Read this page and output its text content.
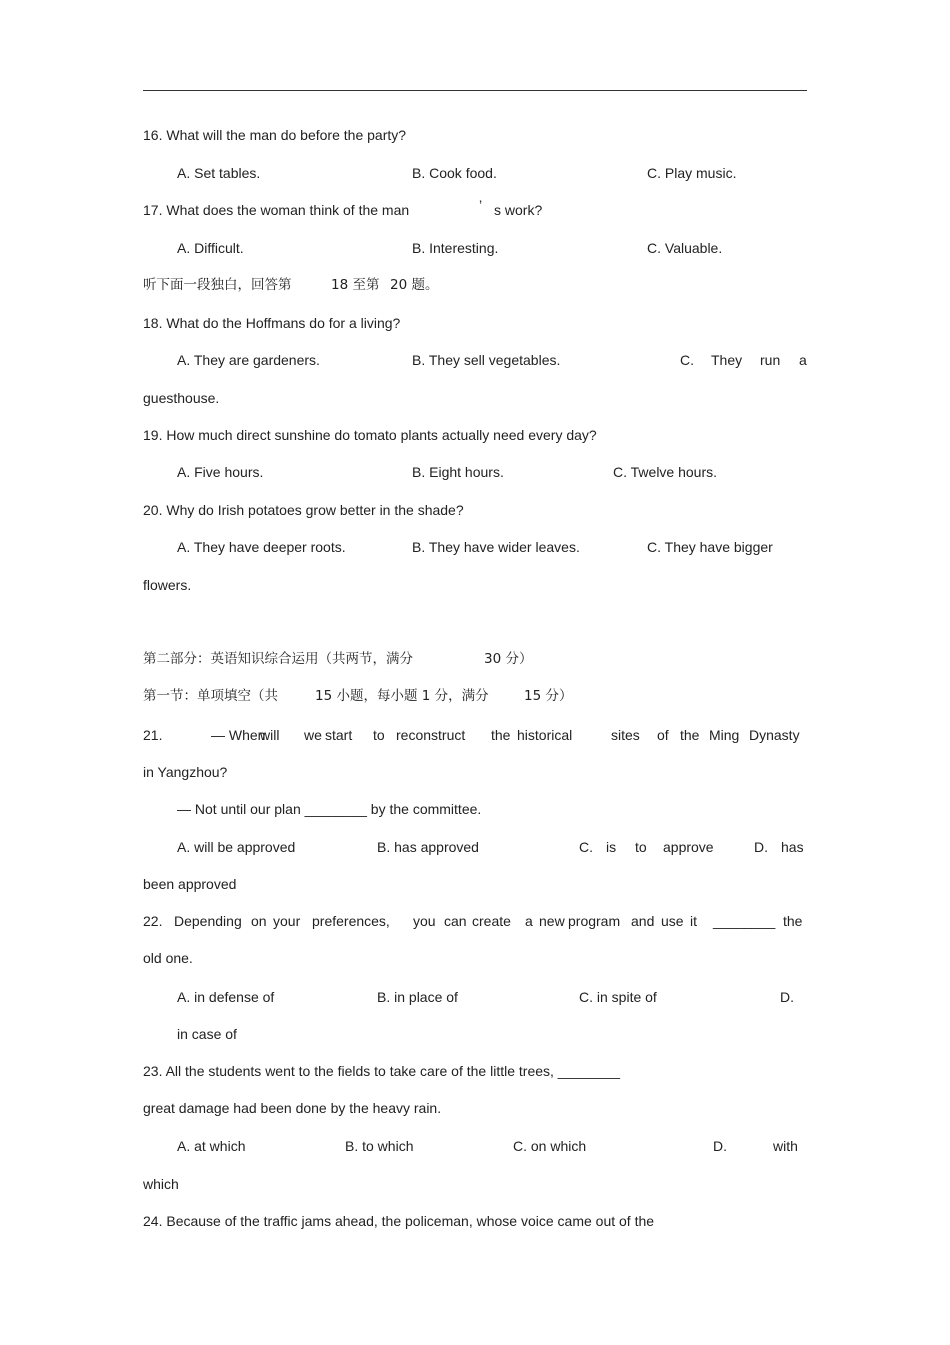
16. What will the man do before the party?
A. Set tables.	B. Cook food.	C. Play music.
17. What does the woman think of the man	’ s work?
A. Difficult.	B. Interesting.	C. Valuable.
听下面一段独白，回答第	18 至第 20 题。
18. What do the Hoffmans do for a living?
A. They are gardeners.	B. They sell vegetables.	C. They run a
guesthouse.
19. How much direct sunshine do tomato plants actually need every day?
A. Five hours.	B. Eight hours.	C. Twelve hours.
20. Why do Irish potatoes grow better in the shade?
A. They have deeper roots.	B. They have wider leaves.	C. They have bigger
flowers.
第二部分：英语知识综合运用（共两节，满分	30 分）
第一节：单项填空（共	15 小题，每小题 1 分，满分	15 分）
21.	— When
will we start to reconstruct the historical	sites of the Ming Dynasty
in Yangzhou?
— Not until our plan ________ by the committee.
A. will be approved	B. has approved	C. is to approve	D. has
been approved
22. Depending on your preferences, you can create a new program and use it ________ the
old one.
A. in defense of	B. in place of	C. in spite of	D.
in case of
23. All the students went to the fields to take care of the little trees, ________
great damage had been done by the heavy rain.
A. at which	B. to which	C. on which	D.	with
which
24. Because of the traffic jams ahead, the policeman, whose voice came out of the
